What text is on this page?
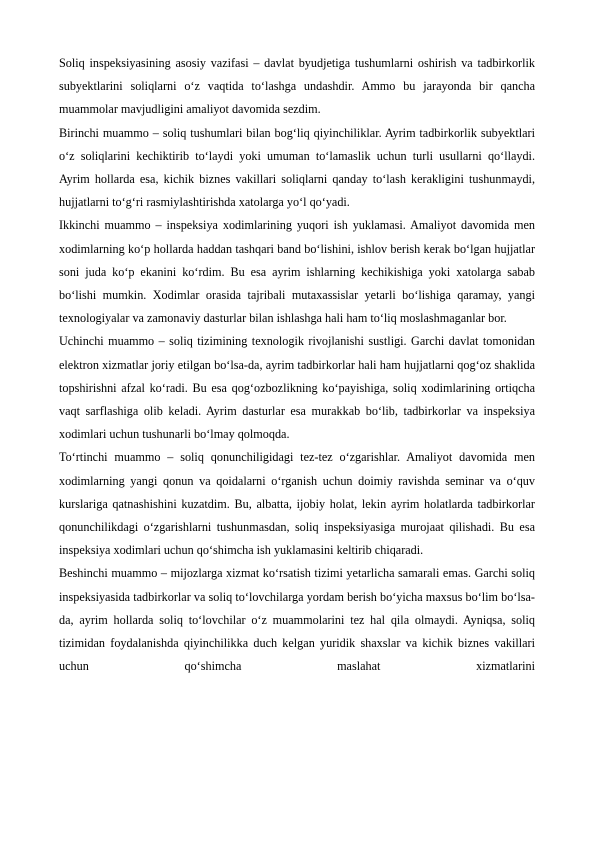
Soliq inspeksiyasining asosiy vazifasi – davlat byudjetiga tushumlarni oshirish va tadbirkorlik subyektlarini soliqlarni oʻz vaqtida toʻlashga undashdir. Ammo bu jarayonda bir qancha muammolar mavjudligini amaliyot davomida sezdim.

Birinchi muammo – soliq tushumlari bilan bogʻliq qiyinchiliklar. Ayrim tadbirkorlik subyektlari oʻz soliqlarini kechiktirib toʻlaydi yoki umuman toʻlamaslik uchun turli usullarni qoʻllaydi. Ayrim hollarda esa, kichik biznes vakillari soliqlarni qanday toʻlash kerakligini tushunmaydi, hujjatlarni toʻgʻri rasmiylashtirishda xatolarga yoʻl qoʻyadi.

Ikkinchi muammo – inspeksiya xodimlarining yuqori ish yuklamasi. Amaliyot davomida men xodimlarning koʻp hollarda haddan tashqari band boʻlishini, ishlov berish kerak boʻlgan hujjatlar soni juda koʻp ekanini koʻrdim. Bu esa ayrim ishlarning kechikishiga yoki xatolarga sabab boʻlishi mumkin. Xodimlar orasida tajribali mutaxassislar yetarli boʻlishiga qaramay, yangi texnologiyalar va zamonaviy dasturlar bilan ishlashga hali ham toʻliq moslashmaganlar bor.

Uchinchi muammo – soliq tizimining texnologik rivojlanishi sustligi. Garchi davlat tomonidan elektron xizmatlar joriy etilgan boʻlsa-da, ayrim tadbirkorlar hali ham hujjatlarni qogʻoz shaklida topshirishni afzal koʻradi. Bu esa qogʻozbozlikning koʻpayishiga, soliq xodimlarining ortiqcha vaqt sarflashiga olib keladi. Ayrim dasturlar esa murakkab boʻlib, tadbirkorlar va inspeksiya xodimlari uchun tushunarli boʻlmay qolmoqda.

Toʻrtinchi muammo – soliq qonunchiligidagi tez-tez oʻzgarishlar. Amaliyot davomida men xodimlarning yangi qonun va qoidalarni oʻrganish uchun doimiy ravishda seminar va oʻquv kurslariga qatnashishini kuzatdim. Bu, albatta, ijobiy holat, lekin ayrim holatlarda tadbirkorlar qonunchilikdagi oʻzgarishlarni tushunmasdan, soliq inspeksiyasiga murojaat qilishadi. Bu esa inspeksiya xodimlari uchun qoʻshimcha ish yuklamasini keltirib chiqaradi.

Beshinchi muammo – mijozlarga xizmat koʻrsatish tizimi yetarlicha samarali emas. Garchi soliq inspeksiyasida tadbirkorlar va soliq toʻlovchilarga yordam berish boʻyicha maxsus boʻlim boʻlsa-da, ayrim hollarda soliq toʻlovchilar oʻz muammolarini tez hal qila olmaydi. Ayniqsa, soliq tizimidan foydalanishda qiyinchilikka duch kelgan yuridik shaxslar va kichik biznes vakillari uchun qoʻshimcha maslahat xizmatlarini
